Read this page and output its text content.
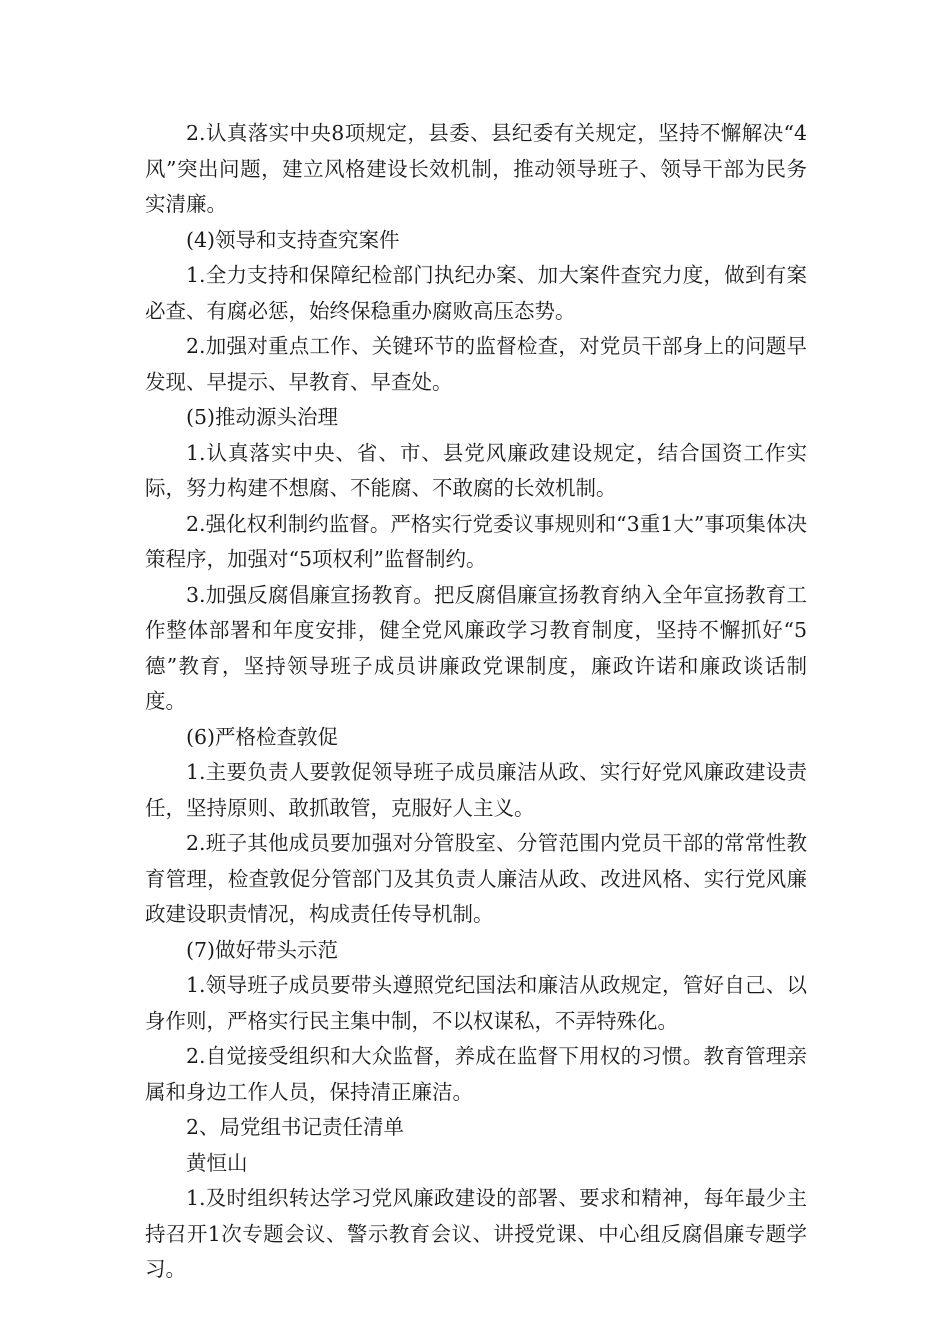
2.认真落实中央8项规定，县委、县纪委有关规定，坚持不懈解决“4风”突出问题，建立风格建设长效机制，推动领导班子、领导干部为民务实清廉。

(4)领导和支持查究案件

1.全力支持和保障纪检部门执纪办案、加大案件查究力度，做到有案必查、有腐必惩，始终保稳重办腐败高压态势。

2.加强对重点工作、关键环节的监督检查，对党员干部身上的问题早发现、早提示、早教育、早查处。

(5)推动源头治理

1.认真落实中央、省、市、县党风廉政建设规定，结合国资工作实际，努力构建不想腐、不能腐、不敢腐的长效机制。

2.强化权利制约监督。严格实行党委议事规则和“3重1大”事项集体决策程序，加强对“5项权利”监督制约。

3.加强反腐倡廉宣扬教育。把反腐倡廉宣扬教育纳入全年宣扬教育工作整体部署和年度安排，健全党风廉政学习教育制度，坚持不懈抓好“5德”教育，坚持领导班子成员讲廉政党课制度，廉政许诺和廉政谈话制度。

(6)严格检查敦促

1.主要负责人要敦促领导班子成员廉洁从政、实行好党风廉政建设责任，坚持原则、敢抓敢管，克服好人主义。

2.班子其他成员要加强对分管股室、分管范围内党员干部的常常性教育管理，检查敦促分管部门及其负责人廉洁从政、改进风格、实行党风廉政建设职责情况，构成责任传导机制。

(7)做好带头示范

1.领导班子成员要带头遵照党纪国法和廉洁从政规定，管好自己、以身作则，严格实行民主集中制，不以权谋私，不弄特殊化。

2.自觉接受组织和大众监督，养成在监督下用权的习惯。教育管理亲属和身边工作人员，保持清正廉洁。

2、局党组书记责任清单

黄恒山

1.及时组织转达学习党风廉政建设的部署、要求和精神，每年最少主持召开1次专题会议、警示教育会议、讲授党课、中心组反腐倡廉专题学习。
